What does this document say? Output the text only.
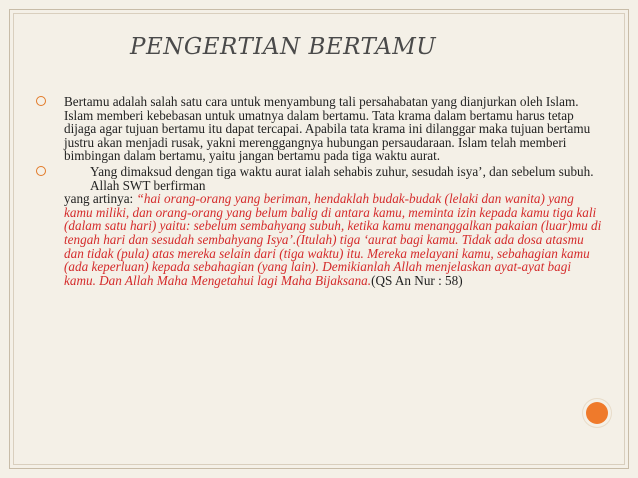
PENGERTIAN BERTAMU
Bertamu adalah salah satu cara untuk menyambung tali persahabatan yang dianjurkan oleh Islam. Islam memberi kebebasan untuk umatnya dalam bertamu. Tata krama dalam bertamu harus tetap dijaga agar tujuan bertamu itu dapat tercapai. Apabila tata krama ini dilanggar maka tujuan bertamu justru akan menjadi rusak, yakni merenggangnya hubungan persaudaraan. Islam telah memberi bimbingan dalam bertamu, yaitu jangan bertamu pada tiga waktu aurat.
Yang dimaksud dengan tiga waktu aurat ialah sehabis zuhur, sesudah isya’, dan sebelum subuh. Allah SWT berfirman
yang artinya: “hai orang-orang yang beriman, hendaklah budak-budak (lelaki dan wanita) yang kamu miliki, dan orang-orang yang belum balig di antara kamu, meminta izin kepada kamu tiga kali (dalam satu hari) yaitu: sebelum sembahyang subuh, ketika kamu menanggalkan pakaian (luar)mu di tengah hari dan sesudah sembahyang Isya’.(Itulah) tiga ‘aurat bagi kamu. Tidak ada dosa atasmu dan tidak (pula) atas mereka selain dari (tiga waktu) itu. Mereka melayani kamu, sebahagian kamu (ada keperluan) kepada sebahagian (yang lain). Demikianlah Allah menjelaskan ayat-ayat bagi kamu. Dan Allah Maha Mengetahui lagi Maha Bijaksana.(QS An Nur : 58)
